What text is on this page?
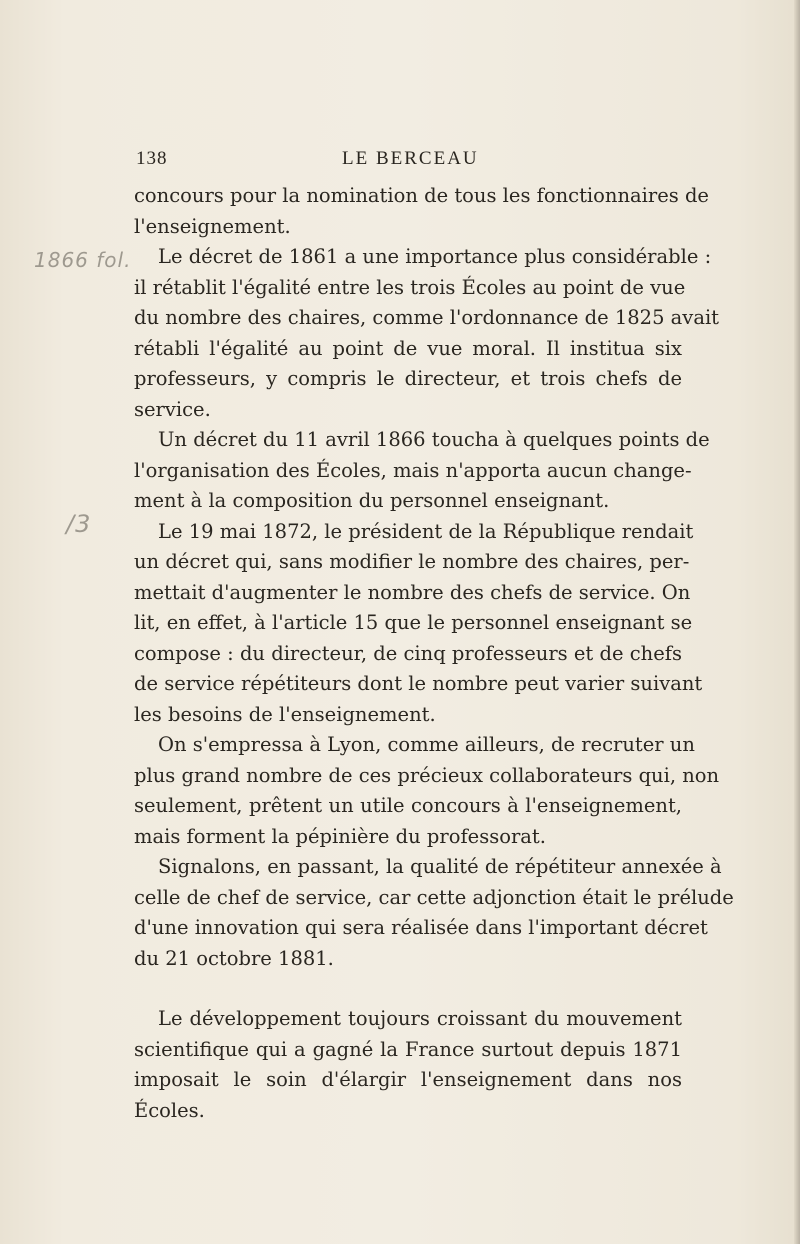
138	LE BERCEAU
1866 fol.
/3
concours pour la nomination de tous les fonctionnaires de
l'enseignement.
Le décret de 1861 a une importance plus considérable :
il rétablit l'égalité entre les trois Écoles au point de vue
du nombre des chaires, comme l'ordonnance de 1825 avait
rétabli l'égalité au point de vue moral. Il institua six
professeurs, y compris le directeur, et trois chefs de
service.
Un décret du 11 avril 1866 toucha à quelques points de
l'organisation des Écoles, mais n'apporta aucun change-
ment à la composition du personnel enseignant.
Le 19 mai 1872, le président de la République rendait
un décret qui, sans modifier le nombre des chaires, per-
mettait d'augmenter le nombre des chefs de service. On
lit, en effet, à l'article 15 que le personnel enseignant se
compose : du directeur, de cinq professeurs et de chefs
de service répétiteurs dont le nombre peut varier suivant
les besoins de l'enseignement.
On s'empressa à Lyon, comme ailleurs, de recruter un
plus grand nombre de ces précieux collaborateurs qui, non
seulement, prêtent un utile concours à l'enseignement,
mais forment la pépinière du professorat.
Signalons, en passant, la qualité de répétiteur annexée à
celle de chef de service, car cette adjonction était le prélude
d'une innovation qui sera réalisée dans l'important décret
du 21 octobre 1881.
Le développement toujours croissant du mouvement
scientifique qui a gagné la France surtout depuis 1871
imposait le soin d'élargir l'enseignement dans nos
Écoles.
